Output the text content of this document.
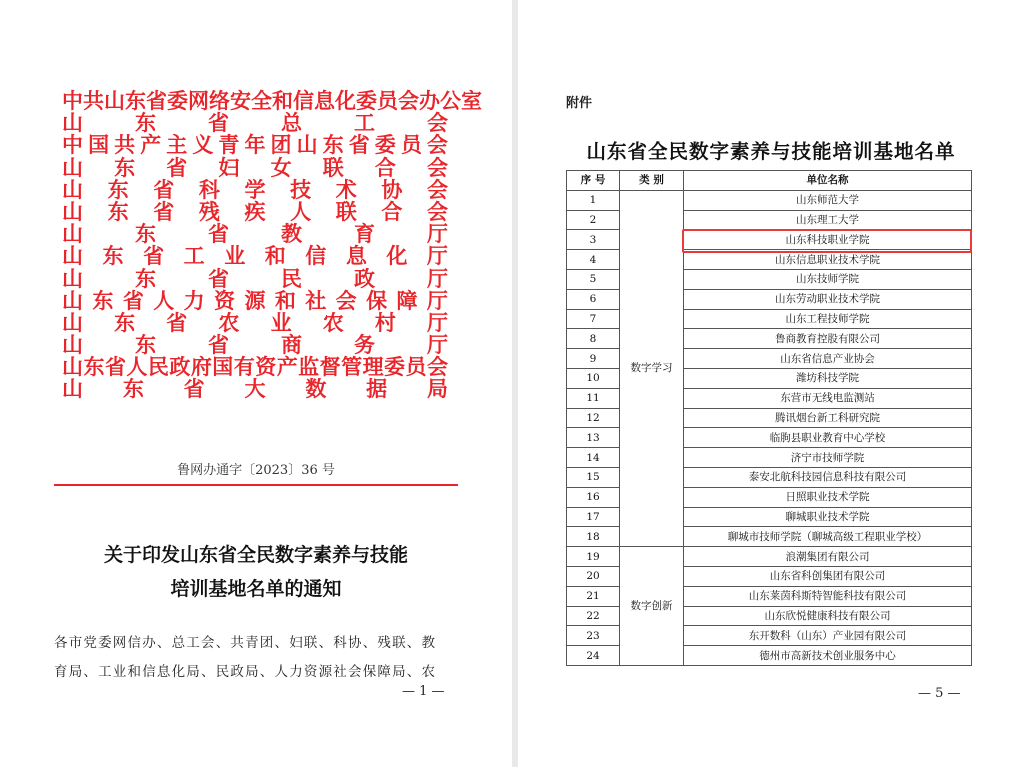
中 共 山 东 省 委 网 络 安 全 和 信 息 化 委 员 会 办 公 室
山 东 省 总 工 会
中 国 共 产 主 义 青 年 团 山 东 省 委 员 会
山 东 省 妇 女 联 合 会
山 东 省 科 学 技 术 协 会
山 东 省 残 疾 人 联 合 会
山 东 省 教 育 厅
山 东 省 工 业 和 信 息 化 厅
山 东 省 民 政 厅
山 东 省 人 力 资 源 和 社 会 保 障 厅
山 东 省 农 业 农 村 厅
山 东 省 商 务 厅
山 东 省 人 民 政 府 国 有 资 产 监 督 管 理 委 员 会
山 东 省 大 数 据 局
鲁网办通字〔2023〕36 号
关于印发山东省全民数字素养与技能
培训基地名单的通知
各市党委网信办、总工会、共青团、妇联、科协、残联、教
育局、工业和信息化局、民政局、人力资源社会保障局、农
— 1 —
附件
山东省全民数字素养与技能培训基地名单
序 号	类 别	单位名称
1	数字学习	山东师范大学
2		山东理工大学
3		山东科技职业学院
4		山东信息职业技术学院
5		山东技师学院
6		山东劳动职业技术学院
7		山东工程技师学院
8		鲁商教育控股有限公司
9		山东省信息产业协会
10		潍坊科技学院
11		东营市无线电监测站
12		腾讯烟台新工科研究院
13		临朐县职业教育中心学校
14		济宁市技师学院
15		泰安北航科技园信息科技有限公司
16		日照职业技术学院
17		聊城职业技术学院
18		聊城市技师学院（聊城高级工程职业学校）
19	数字创新	浪潮集团有限公司
20		山东省科创集团有限公司
21		山东莱茵科斯特智能科技有限公司
22		山东欣悦健康科技有限公司
23		东开数科（山东）产业园有限公司
24		德州市高新技术创业服务中心
— 5 —
